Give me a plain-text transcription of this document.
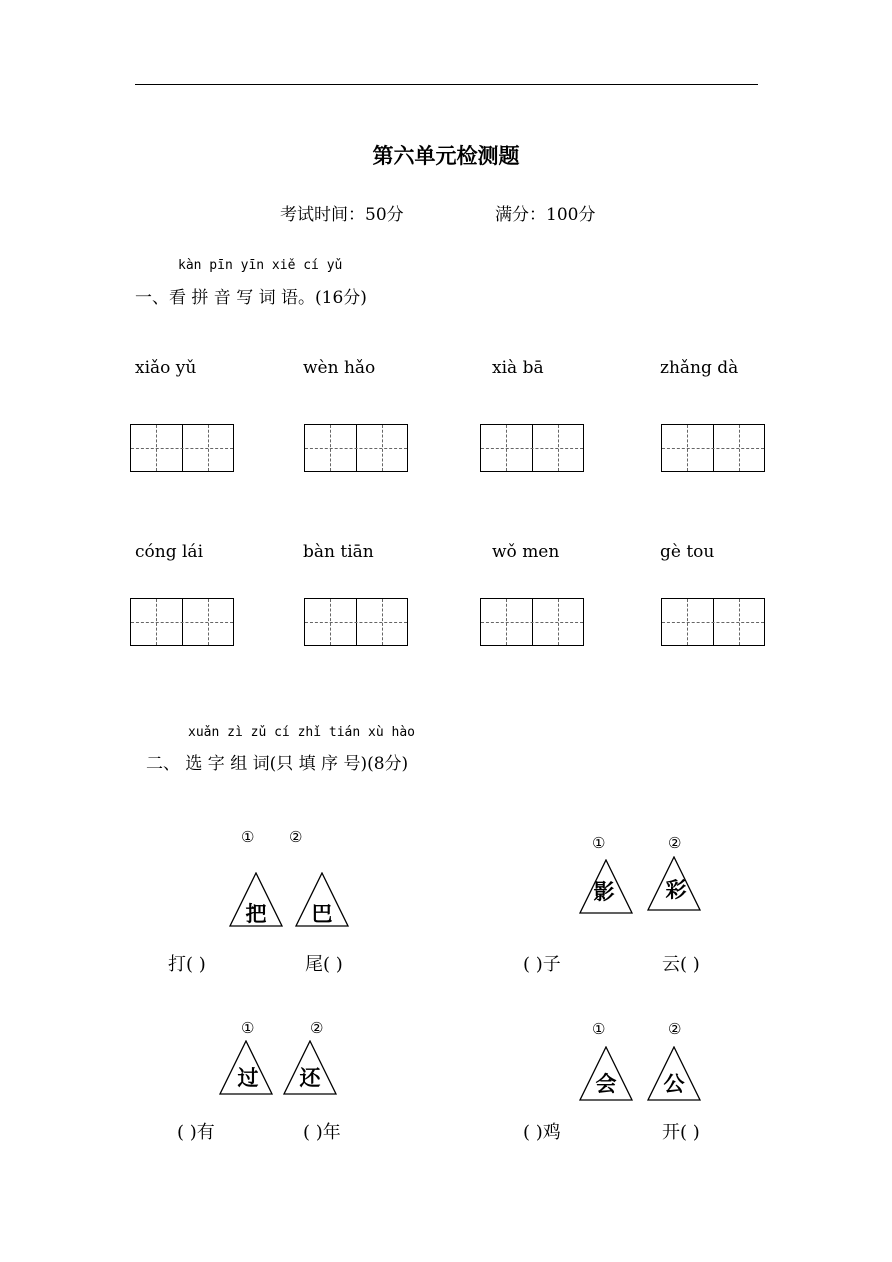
第六单元检测题
考试时间：50分	满分：100分
kàn pīn yīn xiě cí yǔ
一、看 拼 音 写 词 语。(16分)
xiǎo yǔ	wèn hǎo	xià bā	zhǎng dà
cóng lái	bàn tiān	wǒ men	gè tou
xuǎn zì zǔ cí zhǐ tián xù hào
二、 选 字 组 词(只 填 序 号)(8分)
① ②
把	巴
打( )	尾( )
①	②
影	彩
( )子	云( )
①	②
过	还
( )有	( )年
①	②
会	公
( )鸡	开( )
